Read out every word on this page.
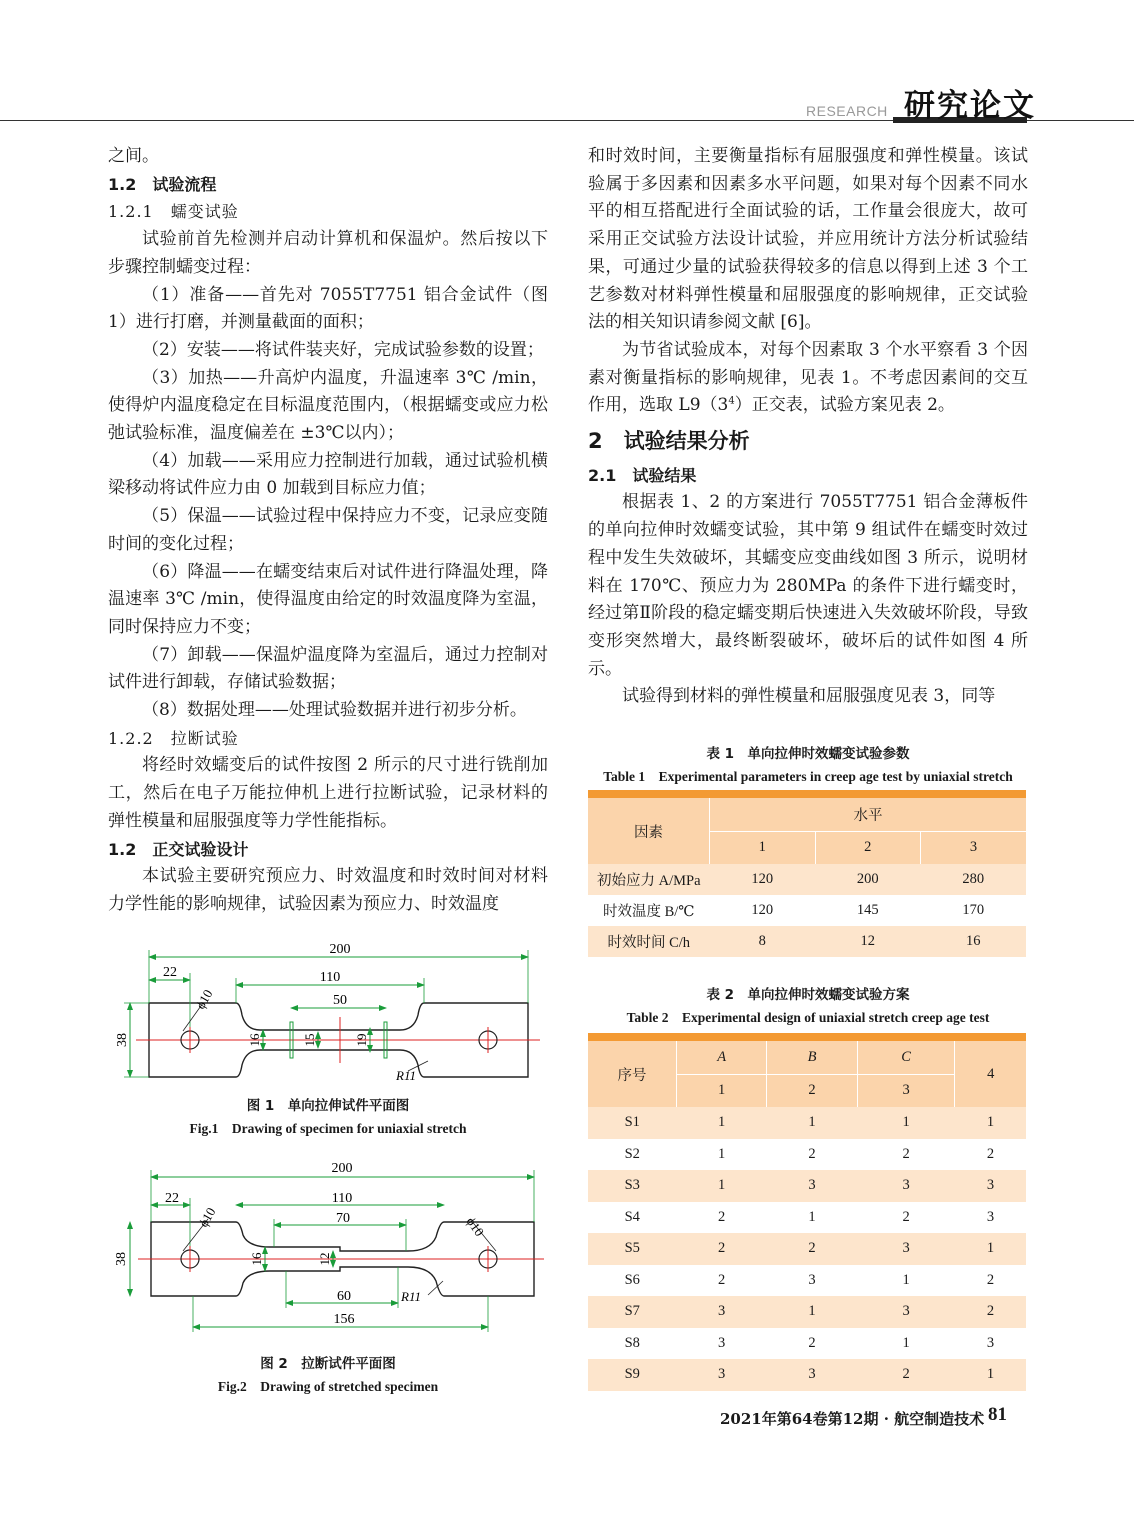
RESEARCH 研究论文

之间。

1.2　试验流程

1.2.1　蠕变试验

试验前首先检测并启动计算机和保温炉。然后按以下步骤控制蠕变过程：

（1）准备——首先对 7055T7751 铝合金试件（图 1）进行打磨，并测量截面的面积；

（2）安装——将试件装夹好，完成试验参数的设置；

（3）加热——升高炉内温度，升温速率 3℃ /min，使得炉内温度稳定在目标温度范围内，（根据蠕变或应力松弛试验标准，温度偏差在 ±3℃以内）；

（4）加载——采用应力控制进行加载，通过试验机横梁移动将试件应力由 0 加载到目标应力值；

（5）保温——试验过程中保持应力不变，记录应变随时间的变化过程；

（6）降温——在蠕变结束后对试件进行降温处理，降温速率 3℃ /min，使得温度由给定的时效温度降为室温，同时保持应力不变；

（7）卸载——保温炉温度降为室温后，通过力控制对试件进行卸载，存储试验数据；

（8）数据处理——处理试验数据并进行初步分析。

1.2.2　拉断试验

将经时效蠕变后的试件按图 2 所示的尺寸进行铣削加工，然后在电子万能拉伸机上进行拉断试验，记录材料的弹性模量和屈服强度等力学性能指标。

1.2　正交试验设计

本试验主要研究预应力、时效温度和时效时间对材料力学性能的影响规律，试验因素为预应力、时效温度

200
22	110
50
38
ϕ10
16	15	19
R11
图 1　单向拉伸试件平面图
Fig.1　Drawing of specimen for uniaxial stretch
200
22	110
70
38
ϕ10	ϕ10
16	12
60
156
R11
图 2　拉断试件平面图
Fig.2　Drawing of stretched specimen

和时效时间，主要衡量指标有屈服强度和弹性模量。该试验属于多因素和因素多水平问题，如果对每个因素不同水平的相互搭配进行全面试验的话，工作量会很庞大，故可采用正交试验方法设计试验，并应用统计方法分析试验结果，可通过少量的试验获得较多的信息以得到上述 3 个工艺参数对材料弹性模量和屈服强度的影响规律，正交试验法的相关知识请参阅文献 [6]。

为节省试验成本，对每个因素取 3 个水平察看 3 个因素对衡量指标的影响规律，见表 1。不考虑因素间的交互作用，选取 $L9(3^4)$正交表，试验方案见表 2。

2　试验结果分析

2.1　试验结果

根据表 1、2 的方案进行 7055T7751 铝合金薄板件的单向拉伸时效蠕变试验，其中第 9 组试件在蠕变时效过程中发生失效破坏，其蠕变应变曲线如图 3 所示，说明材料在 170℃、预应力为 280MPa 的条件下进行蠕变时，经过第Ⅱ阶段的稳定蠕变期后快速进入失效破坏阶段，导致变形突然增大，最终断裂破坏，破坏后的试件如图 4 所示。

试验得到材料的弹性模量和屈服强度见表 3，同等

表 1　单向拉伸时效蠕变试验参数
Table 1　Experimental parameters in creep age test by uniaxial stretch
因素	水平		
	1	2	3
初始应力 A/MPa	120	200	280
时效温度 B/℃	120	145	170
时效时间 C/h	8	12	16
表 2　单向拉伸时效蠕变试验方案
Table 2　Experimental design of uniaxial stretch creep age test
序号	A	B	C	4
	1	2	3	
S1	1	1	1	1
S2	1	2	2	2
S3	1	3	3	3
S4	2	1	2	3
S5	2	2	3	1
S6	2	3	1	2
S7	3	1	3	2
S8	3	2	1	3
S9	3	3	2	1
2021年第64卷第12期 · 航空制造技术 81
